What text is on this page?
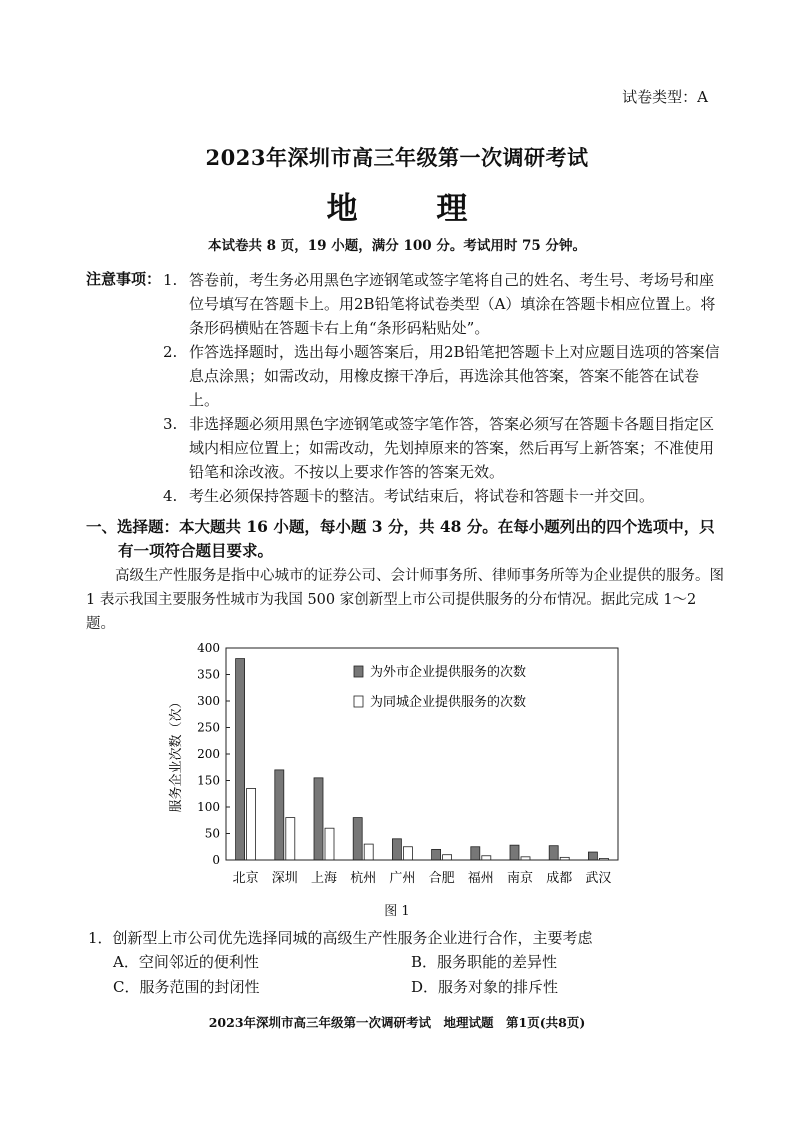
试卷类型：A
2023年深圳市高三年级第一次调研考试
地 理
本试卷共 8 页，19 小题，满分 100 分。考试用时 75 分钟。
注意事项： 1. 答卷前，考生务必用黑色字迹钢笔或签字笔将自己的姓名、考生号、考场号和座位号填写在答题卡上。用2B铅笔将试卷类型（A）填涂在答题卡相应位置上。将条形码横贴在答题卡右上角“条形码粘贴处”。
2. 作答选择题时，选出每小题答案后，用2B铅笔把答题卡上对应题目选项的答案信息点涂黑；如需改动，用橡皮擦干净后，再选涂其他答案，答案不能答在试卷上。
3. 非选择题必须用黑色字迹钢笔或签字笔作答，答案必须写在答题卡各题目指定区域内相应位置上；如需改动，先划掉原来的答案，然后再写上新答案；不准使用铅笔和涂改液。不按以上要求作答的答案无效。
4. 考生必须保持答题卡的整洁。考试结束后，将试卷和答题卡一并交回。
一、选择题：本大题共 16 小题，每小题 3 分，共 48 分。在每小题列出的四个选项中，只
有一项符合题目要求。
高级生产性服务是指中心城市的证券公司、会计师事务所、律师事务所等为企业提供的服务。图 1 表示我国主要服务性城市为我国 500 家创新型上市公司提供服务的分布情况。据此完成 1～2 题。
服务企业次数（次）
0
50
100
150
200
250
300
350
400
北京 深圳 上海 杭州 广州 合肥 福州 南京 成都 武汉
为外市企业提供服务的次数
为同城企业提供服务的次数
图 1
1．创新型上市公司优先选择同城的高级生产性服务企业进行合作，主要考虑
A．空间邻近的便利性	B．服务职能的差异性
C．服务范围的封闭性	D．服务对象的排斥性
2023年深圳市高三年级第一次调研考试　地理试题　第1页(共8页)
